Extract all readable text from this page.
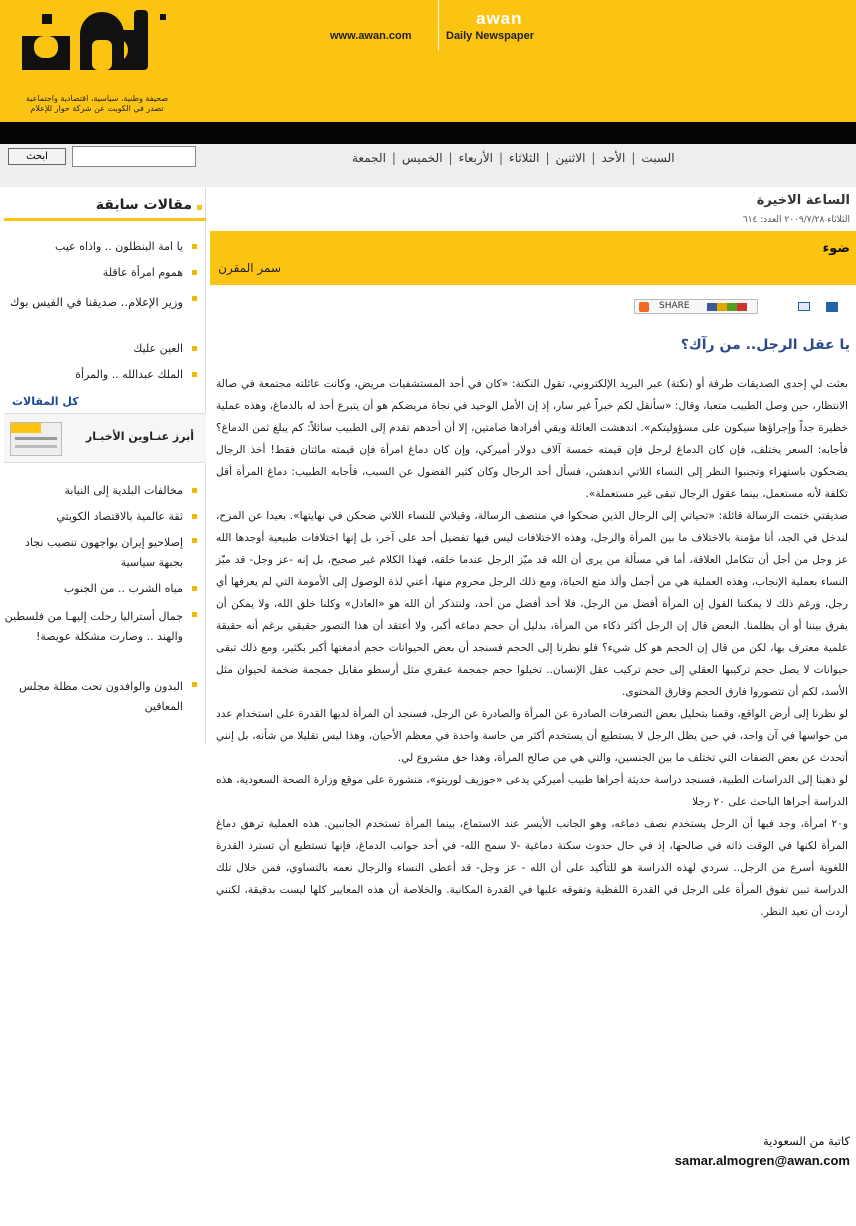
صحيفة وطنية، سياسية، اقتصادية واجتماعية
تصدر في الكويت عن شركة حوار للإعلام
www.awan.com
awan
Daily Newspaper
ابحث	السبت|الأحد|الاثنين|الثلاثاء|الأربعاء|الخميس|الجمعة
مقالات سابقة
يا امة البنطلون .. واذاه عيب
هموم امرأة عاقلة
وزير الإعلام.. صديقنا في الفيس بوك
العين عليك
الملك عبدالله .. والمرأة
كل المقالات
أبرز عنـاوين الأخبـار
مخالفات البلدية إلى النيابة
ثقة عالمية بالاقتصاد الكويتي
إصلاحيو إيران يواجهون تنصيب نجاد بجبهة سياسية
مياه الشرب .. من الجنوب
جمال أستراليا رحلت إليهـا من فلسطين والهند .. وصارت مشكلة عويصة!
البدون والوافدون تحت مظلة مجلس المعاقين
الساعة الاخيرة
الثلاثاء ٢٠٠٩/٧/٢٨ العدد: ٦١٤
ضوء
سمر المقرن
SHARE
يا عقل الرجل.. من رآك؟

بعثت لي إحدى الصديقات طرفة أو (نكتة) عبر البريد الإلكتروني، تقول النكتة: «كان في أحد المستشفيات مريض، وكانت عائلته مجتمعة في صالة الانتظار، حين وصل الطبيب متعبا، وقال: «سأنقل لكم خبراً غير سار، إذ إن الأمل الوحيد في نجاة مريضكم هو أن يتبرع أحد له بالدماغ، وهذه عملية خطيرة جداً وإجراؤها سيكون على مسؤوليتكم». اندهشت العائلة وبقي أفرادها صامتين، إلا أن أحدهم تقدم إلى الطبيب سائلاً: كم يبلغ ثمن الدماغ؟ فأجابه: السعر يختلف، فإن كان الدماغ لرجل فإن قيمته خمسة آلاف دولار أميركي، وإن كان دماغ امرأة فإن قيمته مائتان فقط! أخذ الرجال يضحكون باستهزاء وتجنبوا النظر إلى النساء اللاتي اندهشن، فسأل أحد الرجال وكان كثير الفضول عن السبب، فأجابه الطبيب: دماغ المرأة أقل تكلفة لأنه مستعمل، بينما عقول الرجال تبقى غير مستعملة».

صديقتي ختمت الرسالة قائلة: «تحياتي إلى الرجال الذين ضحكوا في منتصف الرسالة، وقبلاتي للنساء اللاتي ضحكن في نهايتها». بعيدا عن المزح، لندخل في الجد، أنا مؤمنة بالاختلاف ما بين المرأة والرجل، وهذه الاختلافات ليس فيها تفضيل أحد على آخر، بل إنها اختلافات طبيعية أوجدها الله عز وجل من أجل أن تتكامل العلاقة، أما في مسألة من يرى أن الله قد ميّز الرجل عندما خلقه، فهذا الكلام غير صحيح، بل إنه -عز وجل- قد ميّز النساء بعملية الإنجاب، وهذه العملية هي من أجمل وألذ متع الحياة، ومع ذلك الرجل محروم منها، أعني لذة الوصول إلى الأمومة التي لم يعرفها أي رجل، ورغم ذلك لا يمكننا القول إن المرأة أفضل من الرجل، فلا أحد أفضل من أحد، ولنتذكر أن الله هو «العادل» وكلنا خلق الله، ولا يمكن أن يفرق بيننا أو أن يظلمنا. البعض قال إن الرجل أكثر ذكاء من المرأة، بدليل أن حجم دماغه أكبر، ولا أعتقد أن هذا التصور حقيقي برغم أنه حقيقة علمية معترف بها، لكن من قال إن الحجم هو كل شيء؟ فلو نظرنا إلى الحجم فسنجد أن بعض الحيوانات حجم أدمغتها أكبر بكثير، ومع ذلك تبقى حيوانات لا يصل حجم تركيبها العقلي إلى حجم تركيب عقل الإنسان.. تخيلوا حجم جمجمة عبقري مثل أرسطو مقابل جمجمة ضخمة لحيوان مثل الأسد، لكم أن تتصوروا فارق الحجم وفارق المحتوى.

لو نظرنا إلى أرض الواقع، وقمنا بتحليل بعض التصرفات الصادرة عن المرأة والصادرة عن الرجل، فسنجد أن المرأة لديها القدرة على استخدام عدد من حواسها في آن واحد، في حين يظل الرجل لا يستطيع أن يستخدم أكثر من حاسة واحدة في معظم الأحيان، وهذا ليس تقليلا من شأنه، بل إنني أتحدث عن بعض الصفات التي تختلف ما بين الجنسين، والتي هي من صالح المرأة، وهذا حق مشروع لي.

لو ذهبنا إلى الدراسات الطبية، فسنجد دراسة حديثة أجراها طبيب أميركي يدعى «جوزيف لوريتو»، منشورة على موقع وزارة الصحة السعودية، هذه الدراسة أجراها الباحث على ٢٠ رجلا

و٢٠ امرأة، وجد فيها أن الرجل يستخدم نصف دماغه، وهو الجانب الأيسر عند الاستماع، بينما المرأة تستخدم الجانبين. هذه العملية ترهق دماغ المرأة لكنها في الوقت ذاته في صالحها، إذ في حال حدوث سكتة دماغية -لا سمح الله- في أحد جوانب الدماغ، فإنها تستطيع أن تسترد القدرة اللغوية أسرع من الرجل.. سردي لهذه الدراسة هو للتأكيد على أن الله - عز وجل- قد أعطى النساء والرجال نعمه بالتساوي، فمن خلال تلك الدراسة تبين تفوق المرأة على الرجل في القدرة اللفظية وتفوقه عليها في القدرة المكانية. والخلاصة أن هذه المعايير كلها ليست بدقيقة، لكنني أردت أن تعيد النظر.

كاتبة من السعودية
samar.almogren@awan.com
